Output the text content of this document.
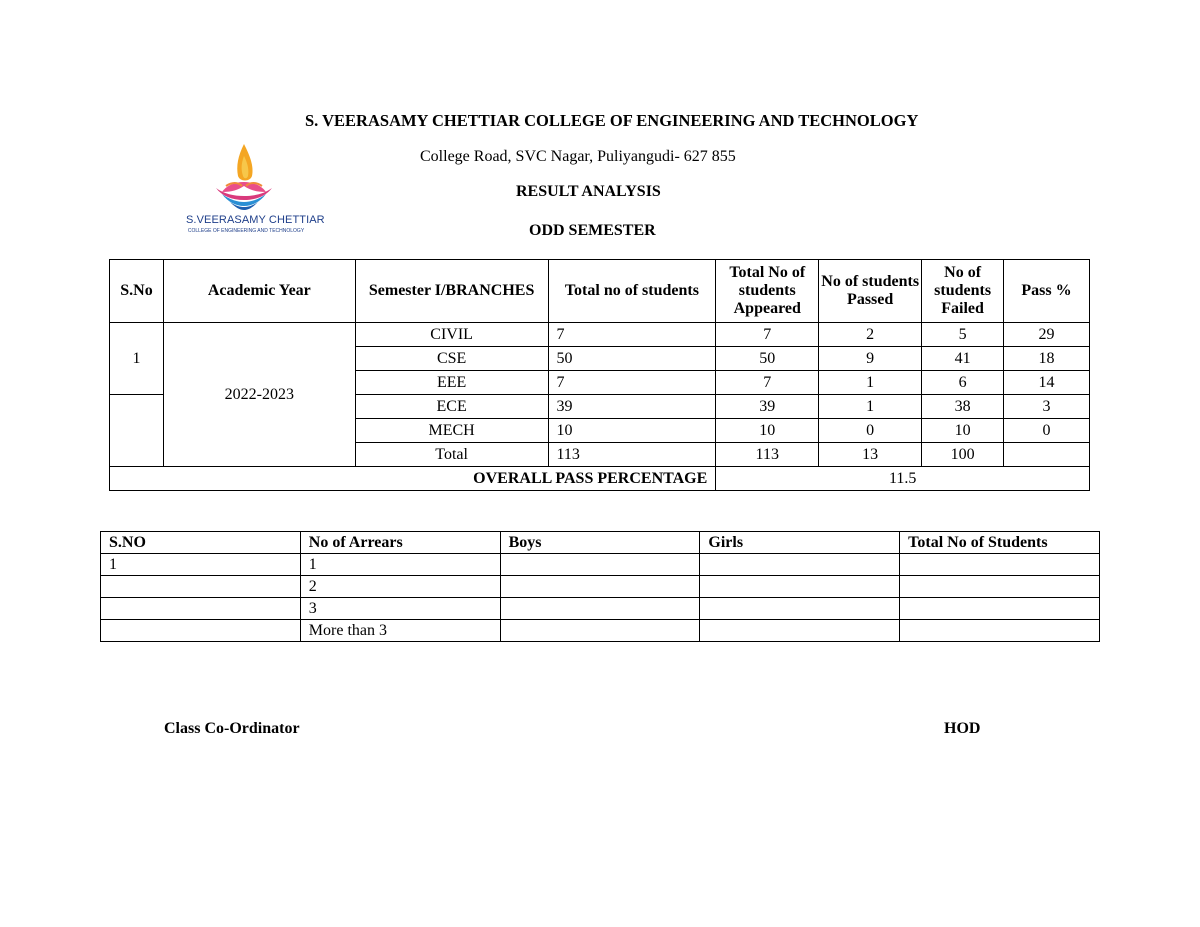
S. VEERASAMY CHETTIAR COLLEGE OF ENGINEERING AND TECHNOLOGY
College Road, SVC Nagar, Puliyangudi- 627 855
RESULT ANALYSIS
ODD SEMESTER
S.VEERASAMY CHETTIAR
COLLEGE OF ENGINEERING AND TECHNOLOGY
S.No	Academic Year	Semester I/BRANCHES	Total no of students	Total No of students Appeared	No of students Passed	No of students Failed	Pass %
1	2022-2023	CIVIL	7	7	2	5	29
		CSE	50	50	9	41	18
		EEE	7	7	1	6	14
		ECE	39	39	1	38	3
		MECH	10	10	0	10	0
		Total	113	113	13	100	
OVERALL PASS PERCENTAGE				11.5			
S.NO	No of Arrears	Boys	Girls	Total No of Students
1	1			
	2			
	3			
	More than 3			
Class Co-Ordinator	HOD
